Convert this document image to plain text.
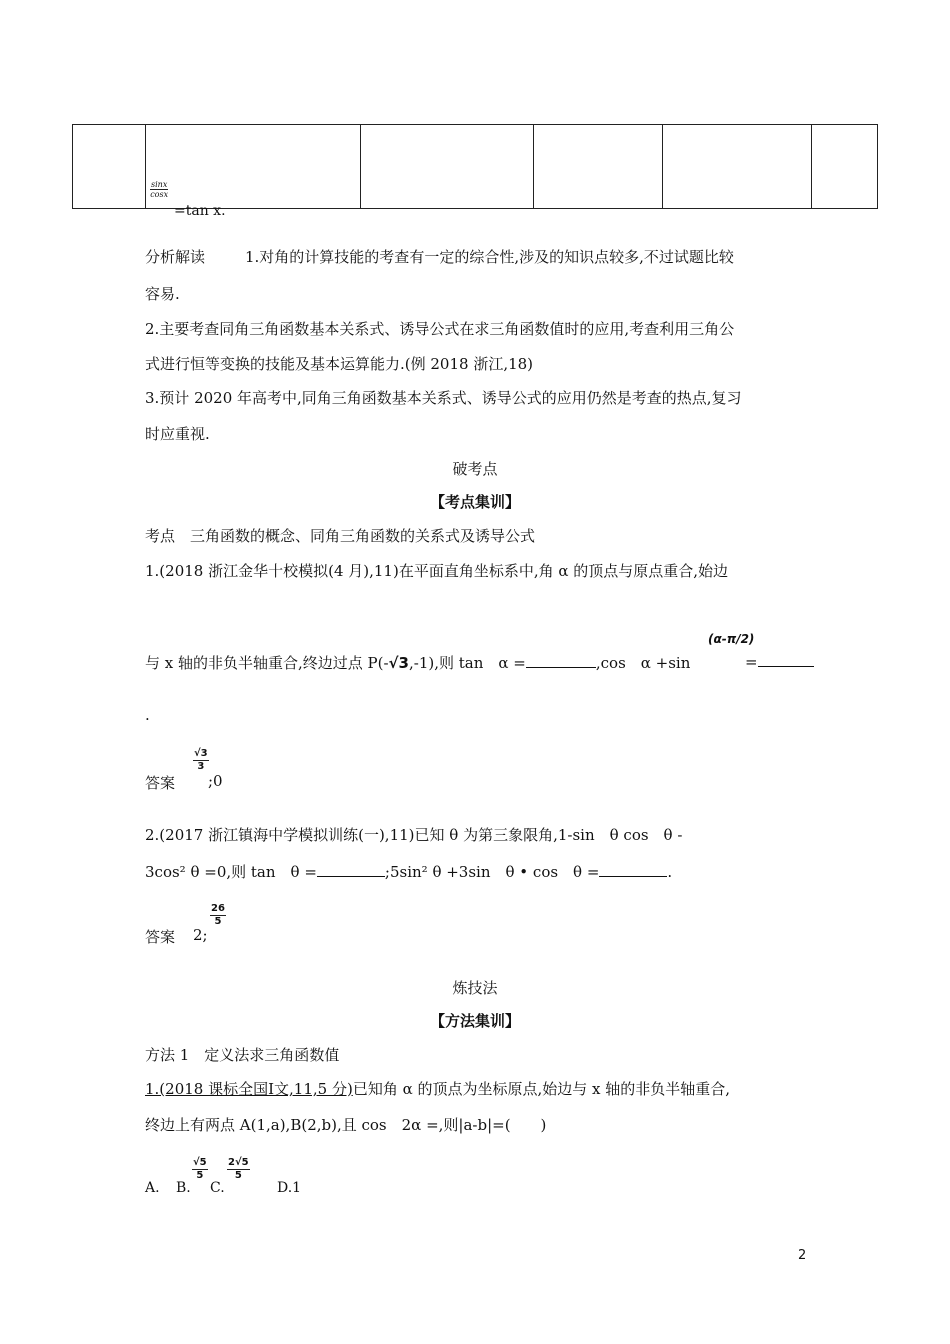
$\frac{\sin x}{\cos x}$
=tan x.
分析解读	1.对角的计算技能的考查有一定的综合性,涉及的知识点较多,不过试题比较
容易.
2.主要考查同角三角函数基本关系式、诱导公式在求三角函数值时的应用,考查利用三角公
式进行恒等变换的技能及基本运算能力.(例 2018 浙江,18)
3.预计 2020 年高考中,同角三角函数基本关系式、诱导公式的应用仍然是考查的热点,复习
时应重视.
破考点
【考点集训】
考点　三角函数的概念、同角三角函数的关系式及诱导公式
1.(2018 浙江金华十校模拟(4 月),11)在平面直角坐标系中,角 α 的顶点与原点重合,始边
与 x 轴的非负半轴重合,终边过点 P(-√3,-1),则 tan　α =	,cos　α +sin
(α-π/2)
=
.
答案
$\frac{√3}{3}$
;0
2.(2017 浙江镇海中学模拟训练(一),11)已知 θ 为第三象限角,1-sin　θ cos　θ -
3cos² θ =0,则 tan　θ =	;5sin² θ +3sin　θ • cos　θ =	.
答案 2;
$\frac{26}{5}$
炼技法
【方法集训】
方法 1　定义法求三角函数值
1.(2018 课标全国Ⅰ文,11,5 分)已知角 α 的顶点为坐标原点,始边与 x 轴的非负半轴重合,
终边上有两点 A(1,a),B(2,b),且 cos　2α =,则|a-b|=(　　)
A. B.
$\frac{√5}{5}$
C.
$\frac{2√5}{5}$
D.1
2
